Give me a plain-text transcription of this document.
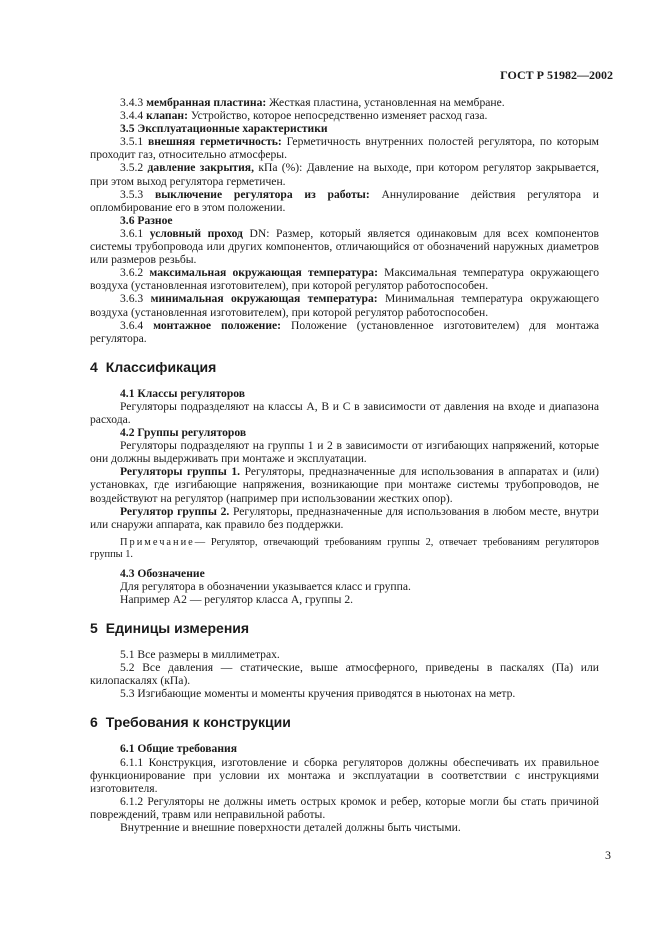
ГОСТ Р 51982—2002

3.4.3 мембранная пластина: Жесткая пластина, установленная на мембране.

3.4.4 клапан: Устройство, которое непосредственно изменяет расход газа.

3.5 Эксплуатационные характеристики

3.5.1 внешняя герметичность: Герметичность внутренних полостей регулятора, по которым проходит газ, относительно атмосферы.

3.5.2 давление закрытия, кПа (%): Давление на выходе, при котором регулятор закрывается, при этом выход регулятора герметичен.

3.5.3 выключение регулятора из работы: Аннулирование действия регулятора и опломбирование его в этом положении.

3.6 Разное

3.6.1 условный проход DN: Размер, который является одинаковым для всех компонентов системы трубопровода или других компонентов, отличающийся от обозначений наружных диаметров или размеров резьбы.

3.6.2 максимальная окружающая температура: Максимальная температура окружающего воздуха (установленная изготовителем), при которой регулятор работоспособен.

3.6.3 минимальная окружающая температура: Минимальная температура окружающего воздуха (установленная изготовителем), при которой регулятор работоспособен.

3.6.4 монтажное положение: Положение (установленное изготовителем) для монтажа регулятора.

4 Классификация

4.1 Классы регуляторов

Регуляторы подразделяют на классы A, B и C в зависимости от давления на входе и диапазона расхода.

4.2 Группы регуляторов

Регуляторы подразделяют на группы 1 и 2 в зависимости от изгибающих напряжений, которые они должны выдерживать при монтаже и эксплуатации.

Регуляторы группы 1. Регуляторы, предназначенные для использования в аппаратах и (или) установках, где изгибающие напряжения, возникающие при монтаже системы трубопроводов, не воздействуют на регулятор (например при использовании жестких опор).

Регулятор группы 2. Регуляторы, предназначенные для использования в любом месте, внутри или снаружи аппарата, как правило без поддержки.

Примечание— Регулятор, отвечающий требованиям группы 2, отвечает требованиям регуляторов группы 1.

4.3 Обозначение

Для регулятора в обозначении указывается класс и группа.

Например A2 — регулятор класса A, группы 2.

5 Единицы измерения

5.1 Все размеры в миллиметрах.

5.2 Все давления — статические, выше атмосферного, приведены в паскалях (Па) или килопаскалях (кПа).

5.3 Изгибающие моменты и моменты кручения приводятся в ньютонах на метр.

6 Требования к конструкции

6.1 Общие требования

6.1.1 Конструкция, изготовление и сборка регуляторов должны обеспечивать их правильное функционирование при условии их монтажа и эксплуатации в соответствии с инструкциями изготовителя.

6.1.2 Регуляторы не должны иметь острых кромок и ребер, которые могли бы стать причиной повреждений, травм или неправильной работы.

Внутренние и внешние поверхности деталей должны быть чистыми.

3
